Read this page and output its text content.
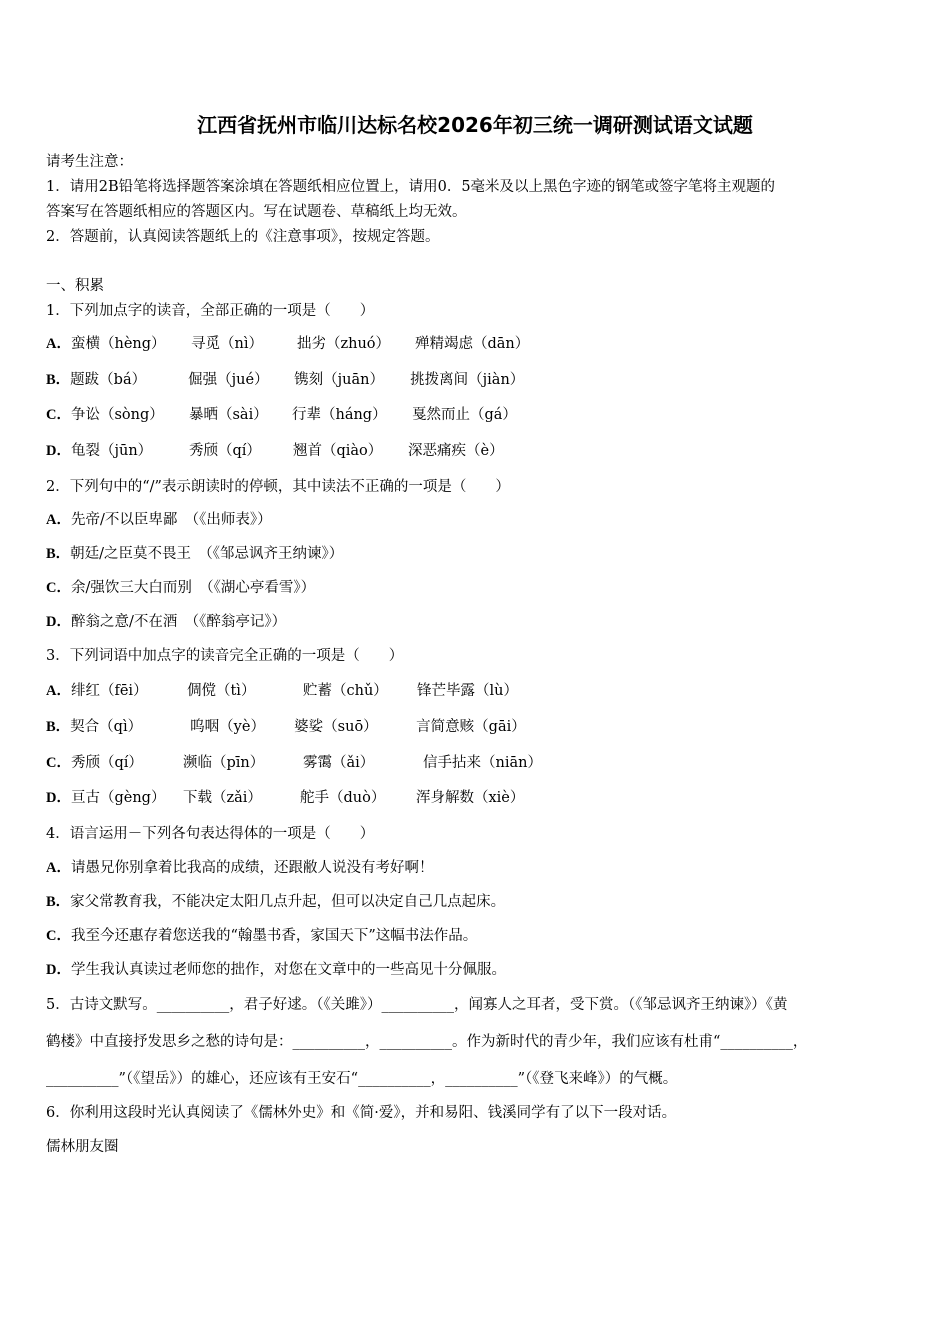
江西省抚州市临川达标名校2026年初三统一调研测试语文试题
请考生注意：
1．请用2B铅笔将选择题答案涂填在答题纸相应位置上，请用0．5毫米及以上黑色字迹的钢笔或签字笔将主观题的
答案写在答题纸相应的答题区内。写在试题卷、草稿纸上均无效。
2．答题前，认真阅读答题纸上的《注意事项》，按规定答题。
一、积累
1．下列加点字的读音，全部正确的一项是（　　）
A．蛮横（hèng） 寻觅（nì） 拙劣（zhuó） 殚精竭虑（dān）
B．题跋（bá）	倔强（jué） 镌刻（juān） 挑拨离间（jiàn）
C．争讼（sòng） 暴晒（sài） 行辈（háng） 戛然而止（gá）
D．龟裂（jūn）	秀颀（qí） 翘首（qiào） 深恶痛疾（è）
2．下列句中的“/”表示朗读时的停顿，其中读法不正确的一项是（　　）
A．先帝/不以臣卑鄙　（《出师表》）
B．朝廷/之臣莫不畏王　（《邹忌讽齐王纳谏》）
C．余/强饮三大白而别　（《湖心亭看雪》）
D．醉翁之意/不在酒　（《醉翁亭记》）
3．下列词语中加点字的读音完全正确的一项是（　　）
A．绯红（fēi）	倜傥（tì）	贮蓄（chǔ） 锋芒毕露（lù）
B．契合（qì）	呜咽（yè） 婆娑（suō）	言简意赅（gāi）
C．秀颀（qí）	濒临（pīn）	雾霭（ǎi）	信手拈来（niān）
D．亘古（gèng） 下载（zǎi）	舵手（duò） 浑身解数（xiè）
4．语言运用－下列各句表达得体的一项是（　　）
A．请愚兄你别拿着比我高的成绩，还跟敝人说没有考好啊！
B．家父常教育我，不能决定太阳几点升起，但可以决定自己几点起床。
C．我至今还惠存着您送我的“翰墨书香，家国天下”这幅书法作品。
D．学生我认真读过老师您的拙作，对您在文章中的一些高见十分佩服。
5．古诗文默写。__________，君子好逑。（《关雎》）__________，闻寡人之耳者，受下赏。（《邹忌讽齐王纳谏》）《黄
鹤楼》中直接抒发思乡之愁的诗句是：__________，__________。作为新时代的青少年，我们应该有杜甫“__________，
__________”（《望岳》）的雄心，还应该有王安石“__________，__________”（《登飞来峰》）的气概。
6．你利用这段时光认真阅读了《儒林外史》和《简·爱》，并和易阳、钱溪同学有了以下一段对话。
儒林朋友圈
